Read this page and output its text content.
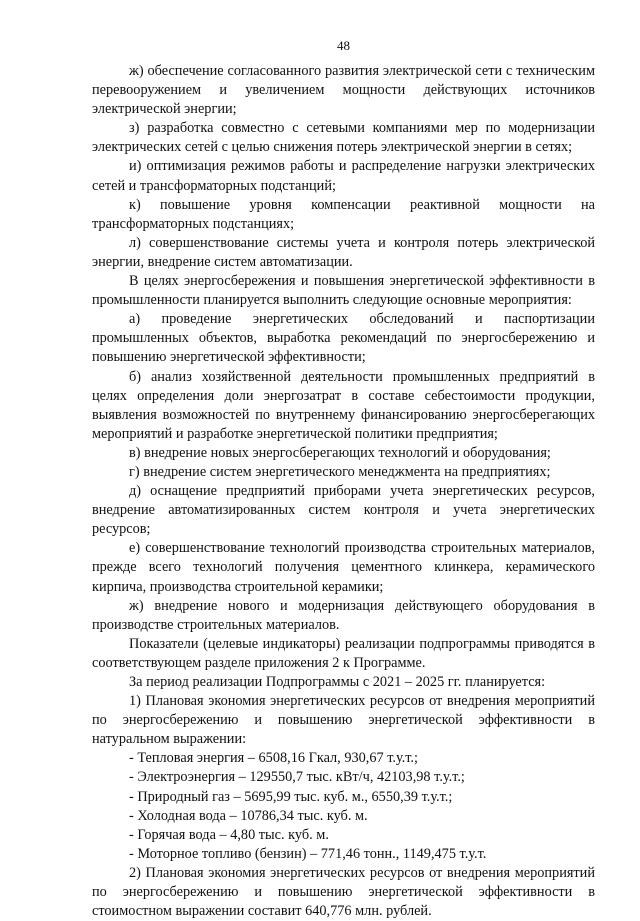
48

ж) обеспечение согласованного развития электрической сети с техническим перевооружением и увеличением мощности действующих источников электрической энергии;

з) разработка совместно с сетевыми компаниями мер по модернизации электрических сетей с целью снижения потерь электрической энергии в сетях;

и) оптимизация режимов работы и распределение нагрузки электрических сетей и трансформаторных подстанций;

к) повышение уровня компенсации реактивной мощности на трансформаторных подстанциях;

л) совершенствование системы учета и контроля потерь электрической энергии, внедрение систем автоматизации.

В целях энергосбережения и повышения энергетической эффективности в промышленности планируется выполнить следующие основные мероприятия:

а) проведение энергетических обследований и паспортизации промышленных объектов, выработка рекомендаций по энергосбережению и повышению энергетической эффективности;

б) анализ хозяйственной деятельности промышленных предприятий в целях определения доли энергозатрат в составе себестоимости продукции, выявления возможностей по внутреннему финансированию энергосберегающих мероприятий и разработке энергетической политики предприятия;

в) внедрение новых энергосберегающих технологий и оборудования;

г) внедрение систем энергетического менеджмента на предприятиях;

д) оснащение предприятий приборами учета энергетических ресурсов, внедрение автоматизированных систем контроля и учета энергетических ресурсов;

е) совершенствование технологий производства строительных материалов, прежде всего технологий получения цементного клинкера, керамического кирпича, производства строительной керамики;

ж) внедрение нового и модернизация действующего оборудования в производстве строительных материалов.

Показатели (целевые индикаторы) реализации подпрограммы приводятся в соответствующем разделе приложения 2 к Программе.

За период реализации Подпрограммы с 2021 – 2025 гг. планируется:

1) Плановая экономия энергетических ресурсов от внедрения мероприятий по энергосбережению и повышению энергетической эффективности в натуральном выражении:

- Тепловая энергия – 6508,16 Гкал, 930,67 т.у.т.;

- Электроэнергия – 129550,7 тыс. кВт/ч, 42103,98 т.у.т.;

- Природный газ – 5695,99 тыс. куб. м., 6550,39 т.у.т.;

- Холодная вода – 10786,34 тыс. куб. м.

- Горячая вода – 4,80 тыс. куб. м.

- Моторное топливо (бензин) – 771,46 тонн., 1149,475 т.у.т.

2) Плановая экономия энергетических ресурсов от внедрения мероприятий по энергосбережению и повышению энергетической эффективности в стоимостном выражении составит 640,776 млн. рублей.
